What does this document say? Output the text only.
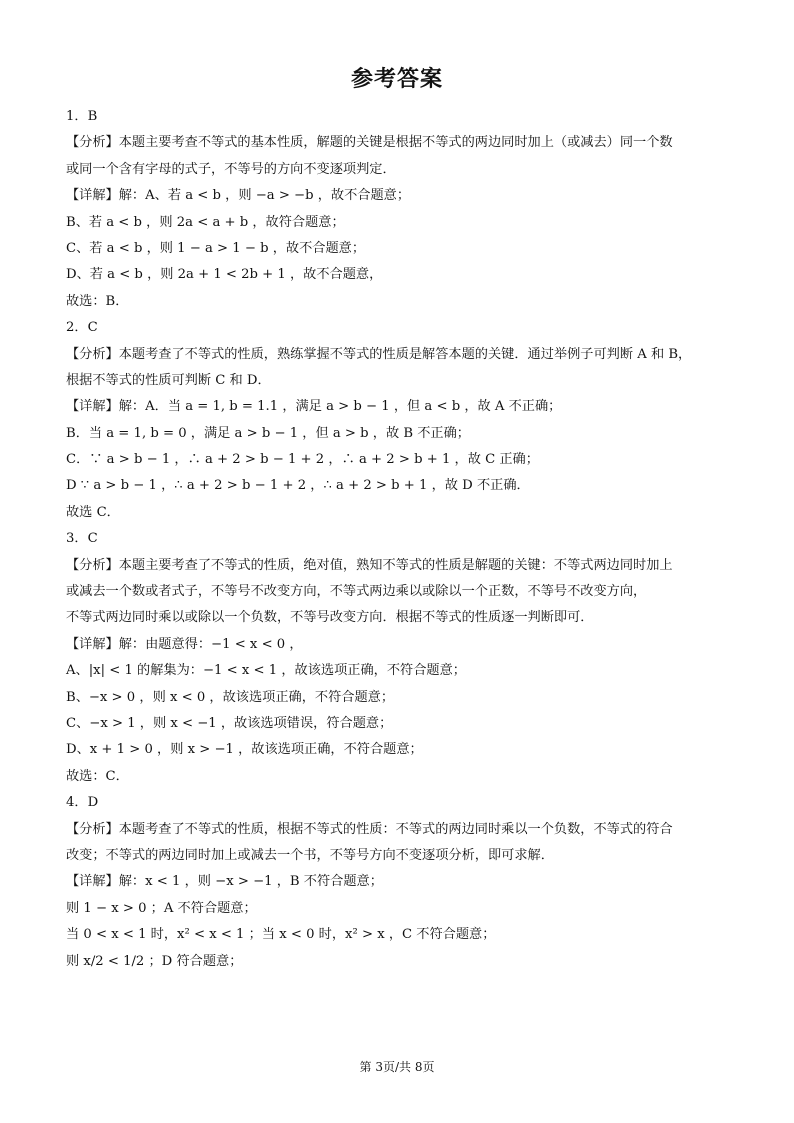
参考答案
1．B
【分析】本题主要考查不等式的基本性质，解题的关键是根据不等式的两边同时加上（或减去）同一个数
或同一个含有字母的式子，不等号的方向不变逐项判定．
【详解】解：A、若 a < b ，则 −a > −b ，故不合题意；
B、若 a < b ，则 2a < a + b ，故符合题意；
C、若 a < b ，则 1 − a > 1 − b ，故不合题意；
D、若 a < b ，则 2a + 1 < 2b + 1 ，故不合题意，
故选：B．
2．C
【分析】本题考查了不等式的性质，熟练掌握不等式的性质是解答本题的关键．通过举例子可判断 A 和 B，
根据不等式的性质可判断 C 和 D．
【详解】解：A．当 a = 1, b = 1.1 ，满足 a > b − 1 ，但 a < b ，故 A 不正确；
B．当 a = 1, b = 0 ，满足 a > b − 1 ，但 a > b ，故 B 不正确；
C．∵ a > b − 1 ，∴ a + 2 > b − 1 + 2 ，∴ a + 2 > b + 1 ，故 C 正确；
D ∵ a > b − 1 ，∴ a + 2 > b − 1 + 2 ，∴ a + 2 > b + 1 ，故 D 不正确．
故选 C．
3．C
【分析】本题主要考查了不等式的性质，绝对值，熟知不等式的性质是解题的关键：不等式两边同时加上
或减去一个数或者式子，不等号不改变方向，不等式两边乘以或除以一个正数，不等号不改变方向，
不等式两边同时乘以或除以一个负数，不等号改变方向．根据不等式的性质逐一判断即可．
【详解】解：由题意得：−1 < x < 0 ，
A、|x| < 1 的解集为：−1 < x < 1 ，故该选项正确，不符合题意；
B、−x > 0 ，则 x < 0 ，故该选项正确，不符合题意；
C、−x > 1 ，则 x < −1 ，故该选项错误，符合题意；
D、x + 1 > 0 ，则 x > −1 ，故该选项正确，不符合题意；
故选：C．
4．D
【分析】本题考查了不等式的性质，根据不等式的性质：不等式的两边同时乘以一个负数，不等式的符合
改变；不等式的两边同时加上或减去一个书，不等号方向不变逐项分析，即可求解．
【详解】解：x < 1 ，则 −x > −1 ，B 不符合题意；
则 1 − x > 0 ；A 不符合题意；
当 0 < x < 1 时，x² < x < 1 ；当 x < 0 时，x² > x ，C 不符合题意；
则 x/2 < 1/2 ；D 符合题意；
第 3页/共 8页
